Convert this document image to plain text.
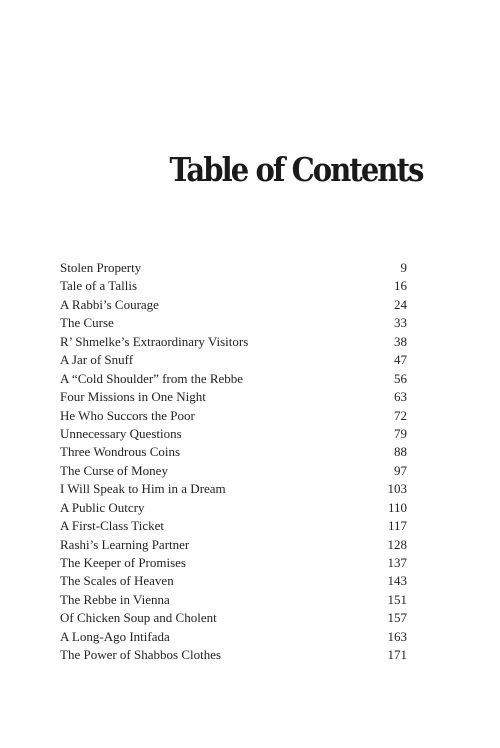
Table of Contents
Stolen Property	9
Tale of a Tallis	16
A Rabbi’s Courage	24
The Curse	33
R’ Shmelke’s Extraordinary Visitors	38
A Jar of Snuff	47
A “Cold Shoulder” from the Rebbe	56
Four Missions in One Night	63
He Who Succors the Poor	72
Unnecessary Questions	79
Three Wondrous Coins	88
The Curse of Money	97
I Will Speak to Him in a Dream	103
A Public Outcry	110
A First-Class Ticket	117
Rashi’s Learning Partner	128
The Keeper of Promises	137
The Scales of Heaven	143
The Rebbe in Vienna	151
Of Chicken Soup and Cholent	157
A Long-Ago Intifada	163
The Power of Shabbos Clothes	171
